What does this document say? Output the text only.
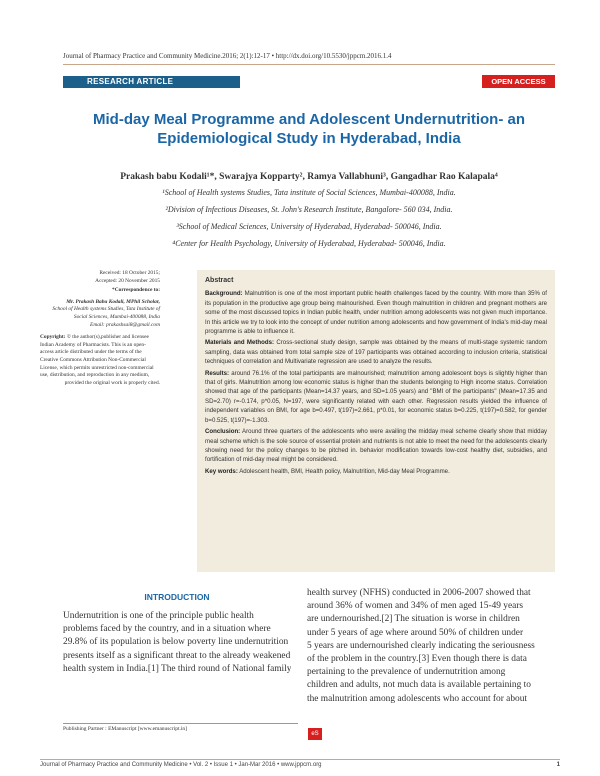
Journal of Pharmacy Practice and Community Medicine.2016; 2(1):12-17 • http://dx.doi.org/10.5530/jppcm.2016.1.4
RESEARCH ARTICLE	OPEN ACCESS
Mid-day Meal Programme and Adolescent Undernutrition- an
Epidemiological Study in Hyderabad, India
Prakash babu Kodali¹*, Swarajya Kopparty², Ramya Vallabhuni³, Gangadhar Rao Kalapala⁴
¹School of Health systems Studies, Tata institute of Social Sciences, Mumbai-400088, India.
²Division of Infectious Diseases, St. John's Research Institute, Bangalore- 560 034, India.
³School of Medical Sciences, University of Hyderabad, Hyderabad- 500046, India.
⁴Center for Health Psychology, University of Hyderabad, Hyderabad- 500046, India.

Received: 18 October 2015;

Accepted: 20 November 2015

*Correspondence to:

Mr. Prakash Babu Kodali, MPhil Scholar,

School of Health systems Studies, Tata Institute of

Social Sciences, Mumbai-400088, India

Email: prakashsai8@gmail.com

Copyright: © the author(s),publisher and licensee

Indian Academy of Pharmacists. This is an open-

access article distributed under the terms of the

Creative Commons Attribution Non-Commercial

License, which permits unrestricted non-commercial

use, distribution, and reproduction in any medium,

provided the original work is properly cited.

Abstract

Background: Malnutrition is one of the most important public health challenges faced by the country. With more than 35% of its population in the productive age group being malnourished. Even though malnutrition in children and pregnant mothers are some of the most discussed topics in Indian public health, under nutrition among adolescents was not given much importance. In this article we try to look into the concept of under nutrition among adolescents and how government of India's mid-day meal programme is able to influence it.

Materials and Methods: Cross-sectional study design, sample was obtained by the means of multi-stage systemic random sampling, data was obtained from total sample size of 197 participants was obtained according to inclusion criteria, statistical techniques of correlation and Multivariate regression are used to analyze the results.

Results: around 76.1% of the total participants are malnourished; malnutrition among adolescent boys is slightly higher than that of girls. Malnutrition among low economic status is higher than the students belonging to High income status. Correlation showed that age of the participants (Mean=14.37 years, and SD=1.05 years) and "BMI of the participants" (Mean=17.35 and SD=2.70) r=-0.174, p*0.05, N=197, were significantly related with each other. Regression results yielded the influence of independent variables on BMI, for age b=0.497, t(197)=2.661, p*0.01, for economic status b=0.225, t(197)=0.582, for gender b=0.525, t(197)=-1.303.

Conclusion: Around three quarters of the adolescents who were availing the midday meal scheme clearly show that midday meal scheme which is the sole source of essential protein and nutrients is not able to meet the need for the adolescents clearly showing need for the policy changes to be pitched in. behavior modification towards low-cost healthy diet, subsidies, and fortification of mid-day meal might be considered.

Key words: Adolescent health, BMI, Health policy, Malnutrition, Mid-day Meal Programme.

INTRODUCTION
Undernutrition is one of the principle public health
problems faced by the country, and in a situation where
29.8% of its population is below poverty line undernutrition
presents itself as a significant threat to the already weakened
health system in India.[1] The third round of National family
health survey (NFHS) conducted in 2006-2007 showed that
around 36% of women and 34% of men aged 15-49 years
are undernourished.[2] The situation is worse in children
under 5 years of age where around 50% of children under
5 years are undernourished clearly indicating the seriousness
of the problem in the country.[3] Even though there is data
pertaining to the prevalence of undernutrition among
children and adults, not much data is available pertaining to
the malnutrition among adolescents who account for about
Publishing Partner : EManuscript [www.emanuscript.in]
eS
Journal of Pharmacy Practice and Community Medicine • Vol. 2 • Issue 1 • Jan-Mar 2016 • www.jppcm.org	1
